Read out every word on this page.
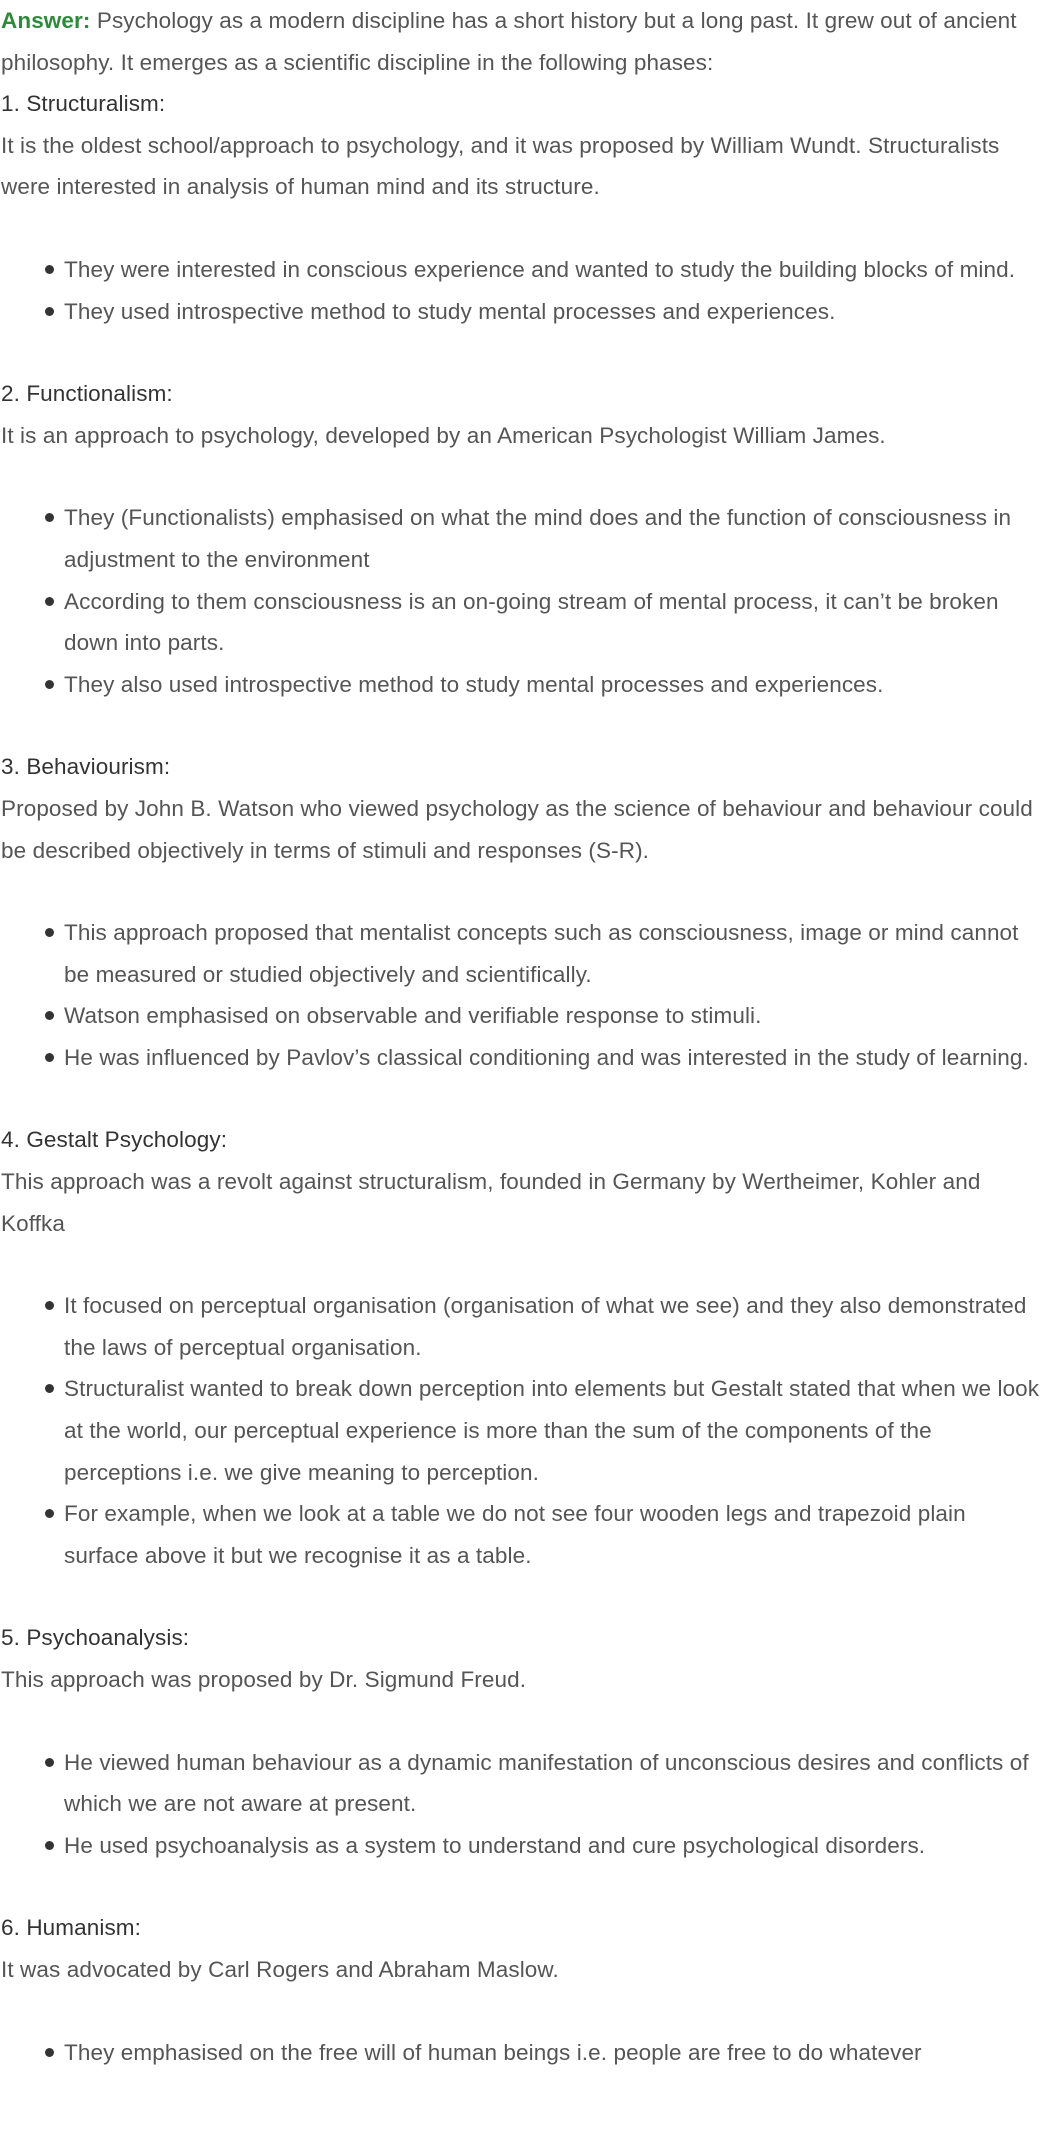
Answer: Psychology as a modern discipline has a short history but a long past. It grew out of ancient philosophy. It emerges as a scientific discipline in the following phases:

1. Structuralism:

It is the oldest school/approach to psychology, and it was proposed by William Wundt. Structuralists were interested in analysis of human mind and its structure.

They were interested in conscious experience and wanted to study the building blocks of mind.
They used introspective method to study mental processes and experiences.

2. Functionalism:

It is an approach to psychology, developed by an American Psychologist William James.

They (Functionalists) emphasised on what the mind does and the function of consciousness in adjustment to the environment
According to them consciousness is an on-going stream of mental process, it can’t be broken down into parts.
They also used introspective method to study mental processes and experiences.

3. Behaviourism:

Proposed by John B. Watson who viewed psychology as the science of behaviour and behaviour could be described objectively in terms of stimuli and responses (S-R).

This approach proposed that mentalist concepts such as consciousness, image or mind cannot be measured or studied objectively and scientifically.
Watson emphasised on observable and verifiable response to stimuli.
He was influenced by Pavlov’s classical conditioning and was interested in the study of learning.

4. Gestalt Psychology:

This approach was a revolt against structuralism, founded in Germany by Wertheimer, Kohler and Koffka

It focused on perceptual organisation (organisation of what we see) and they also demonstrated the laws of perceptual organisation.
Structuralist wanted to break down perception into elements but Gestalt stated that when we look at the world, our perceptual experience is more than the sum of the components of the perceptions i.e. we give meaning to perception.
For example, when we look at a table we do not see four wooden legs and trapezoid plain surface above it but we recognise it as a table.

5. Psychoanalysis:

This approach was proposed by Dr. Sigmund Freud.

He viewed human behaviour as a dynamic manifestation of unconscious desires and conflicts of which we are not aware at present.
He used psychoanalysis as a system to understand and cure psychological disorders.

6. Humanism:

It was advocated by Carl Rogers and Abraham Maslow.

They emphasised on the free will of human beings i.e. people are free to do whatever
